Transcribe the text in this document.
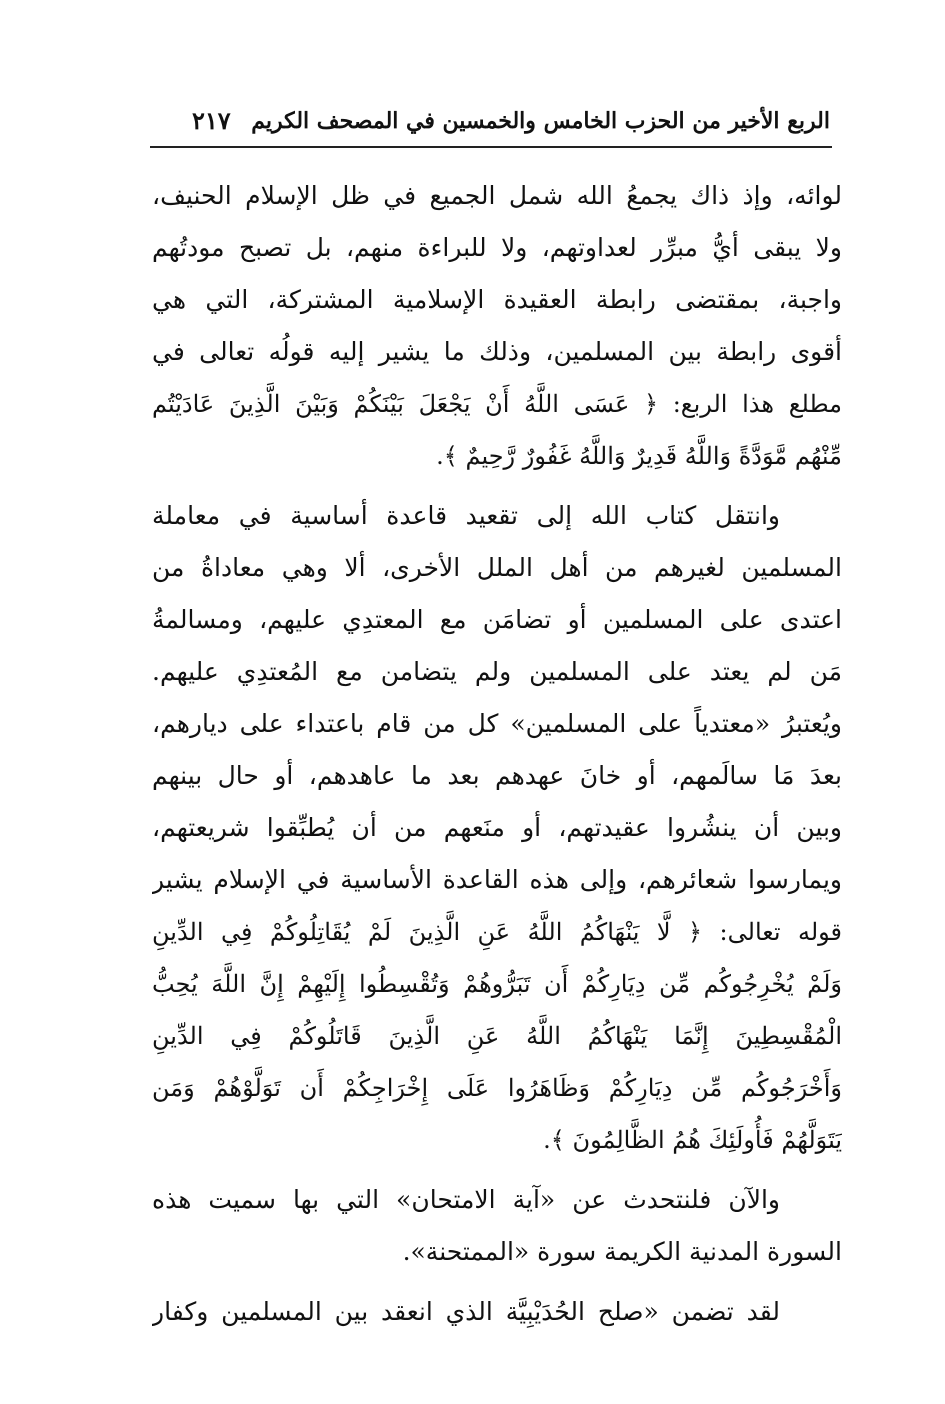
الربع الأخير من الحزب الخامس والخمسين في المصحف الكريم
٢١٧
لوائه، وإذ ذاك يجمعُ الله شمل الجميع في ظل الإسلام الحنيف،
ولا يبقى أيُّ مبرِّر لعداوتهم، ولا للبراءة منهم، بل تصبح مودتُهم
واجبة، بمقتضى رابطة العقيدة الإسلامية المشتركة، التي هي
أقوى رابطة بين المسلمين، وذلك ما يشير إليه قولُه تعالى في
مطلع هذا الربع: ﴿ عَسَى اللَّهُ أَنْ يَجْعَلَ بَيْنَكُمْ وَبَيْنَ الَّذِينَ عَادَيْتُم
مِّنْهُم مَّوَدَّةً وَاللَّهُ قَدِيرٌ وَاللَّهُ غَفُورٌ رَّحِيمٌ ﴾.
وانتقل كتاب الله إلى تقعيد قاعدة أساسية في معاملة
المسلمين لغيرهم من أهل الملل الأخرى، ألا وهي معاداةُ من
اعتدى على المسلمين أو تضامَن مع المعتدِي عليهم، ومسالمةُ
مَن لم يعتد على المسلمين ولم يتضامن مع المُعتدِي عليهم.
ويُعتبرُ «معتدياً على المسلمين» كل من قام باعتداء على ديارهم،
بعدَ مَا سالَمهم، أو خانَ عهدهم بعد ما عاهدهم، أو حال بينهم
وبين أن ينشُروا عقيدتهم، أو منَعهم من أن يُطبِّقوا شريعتهم،
ويمارسوا شعائرهم، وإلى هذه القاعدة الأساسية في الإسلام يشير
قوله تعالى: ﴿ لَّا يَنْهَاكُمُ اللَّهُ عَنِ الَّذِينَ لَمْ يُقَاتِلُوكُمْ فِي الدِّينِ
وَلَمْ يُخْرِجُوكُم مِّن دِيَارِكُمْ أَن تَبَرُّوهُمْ وَتُقْسِطُوا إِلَيْهِمْ إِنَّ اللَّهَ يُحِبُّ
الْمُقْسِطِينَ إِنَّمَا يَنْهَاكُمُ اللَّهُ عَنِ الَّذِينَ قَاتَلُوكُمْ فِي الدِّينِ
وَأَخْرَجُوكُم مِّن دِيَارِكُمْ وَظَاهَرُوا عَلَى إِخْرَاجِكُمْ أَن تَوَلَّوْهُمْ وَمَن
يَتَوَلَّهُمْ فَأُولَئِكَ هُمُ الظَّالِمُونَ ﴾.
والآن فلنتحدث عن «آية الامتحان» التي بها سميت هذه
السورة المدنية الكريمة سورة «الممتحنة».
لقد تضمن «صلح الحُدَيْبِيَّة الذي انعقد بين المسلمين وكفار
